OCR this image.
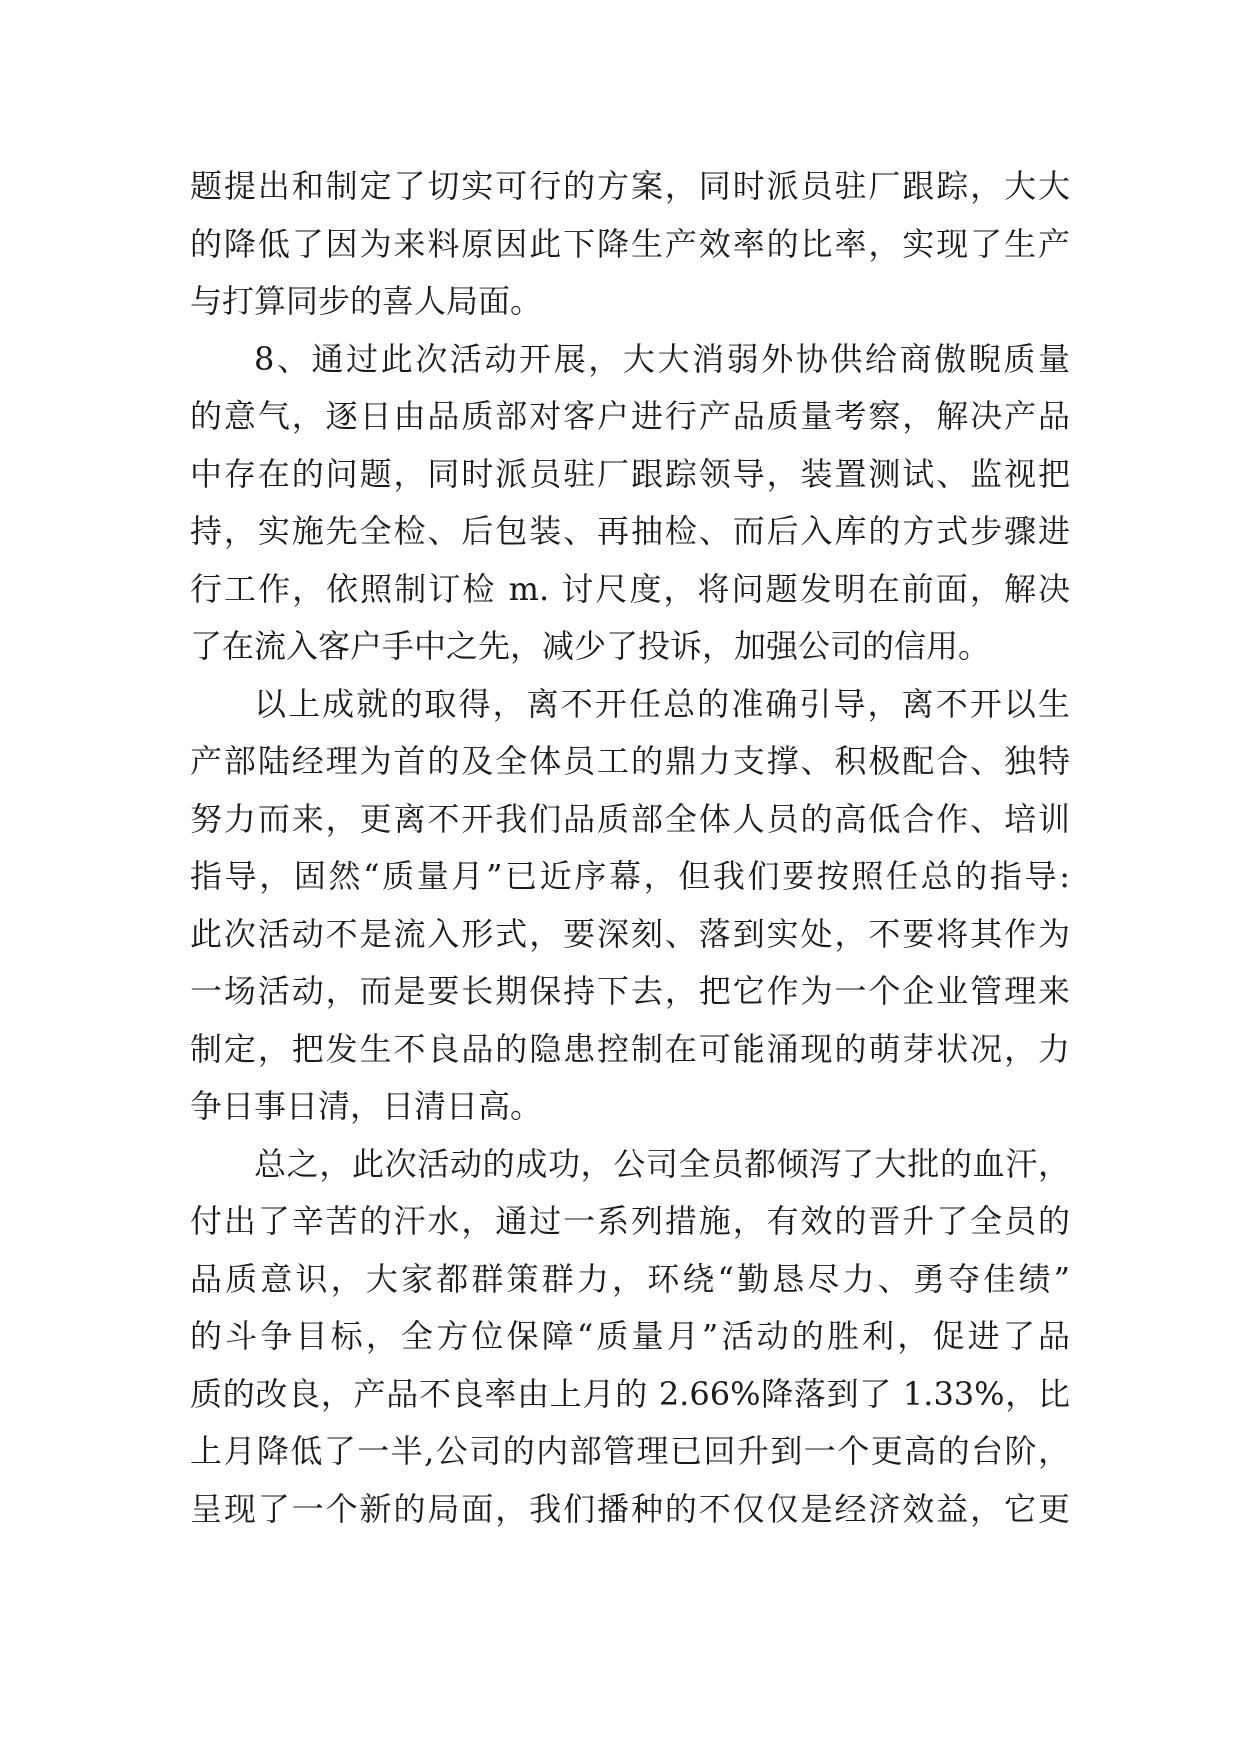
题提出和制定了切实可行的方案，同时派员驻厂跟踪，大大
的降低了因为来料原因此下降生产效率的比率，实现了生产
与打算同步的喜人局面。
8、通过此次活动开展，大大消弱外协供给商傲睨质量
的意气，逐日由品质部对客户进行产品质量考察，解决产品
中存在的问题，同时派员驻厂跟踪领导，装置测试、监视把
持，实施先全检、后包装、再抽检、而后入库的方式步骤进
行工作，依照制订检 m. 讨尺度，将问题发明在前面，解决
了在流入客户手中之先，减少了投诉，加强公司的信用。
以上成就的取得，离不开任总的准确引导，离不开以生
产部陆经理为首的及全体员工的鼎力支撑、积极配合、独特
努力而来，更离不开我们品质部全体人员的高低合作、培训
指导，固然“质量月”已近序幕，但我们要按照任总的指导:
此次活动不是流入形式，要深刻、落到实处，不要将其作为
一场活动，而是要长期保持下去，把它作为一个企业管理来
制定，把发生不良品的隐患控制在可能涌现的萌芽状况，力
争日事日清，日清日高。
总之，此次活动的成功，公司全员都倾泻了大批的血汗，
付出了辛苦的汗水，通过一系列措施，有效的晋升了全员的
品质意识，大家都群策群力，环绕“勤恳尽力、勇夺佳绩”
的斗争目标，全方位保障“质量月”活动的胜利，促进了品
质的改良，产品不良率由上月的 2.66%降落到了 1.33%，比
上月降低了一半,公司的内部管理已回升到一个更高的台阶，
呈现了一个新的局面，我们播种的不仅仅是经济效益，它更
